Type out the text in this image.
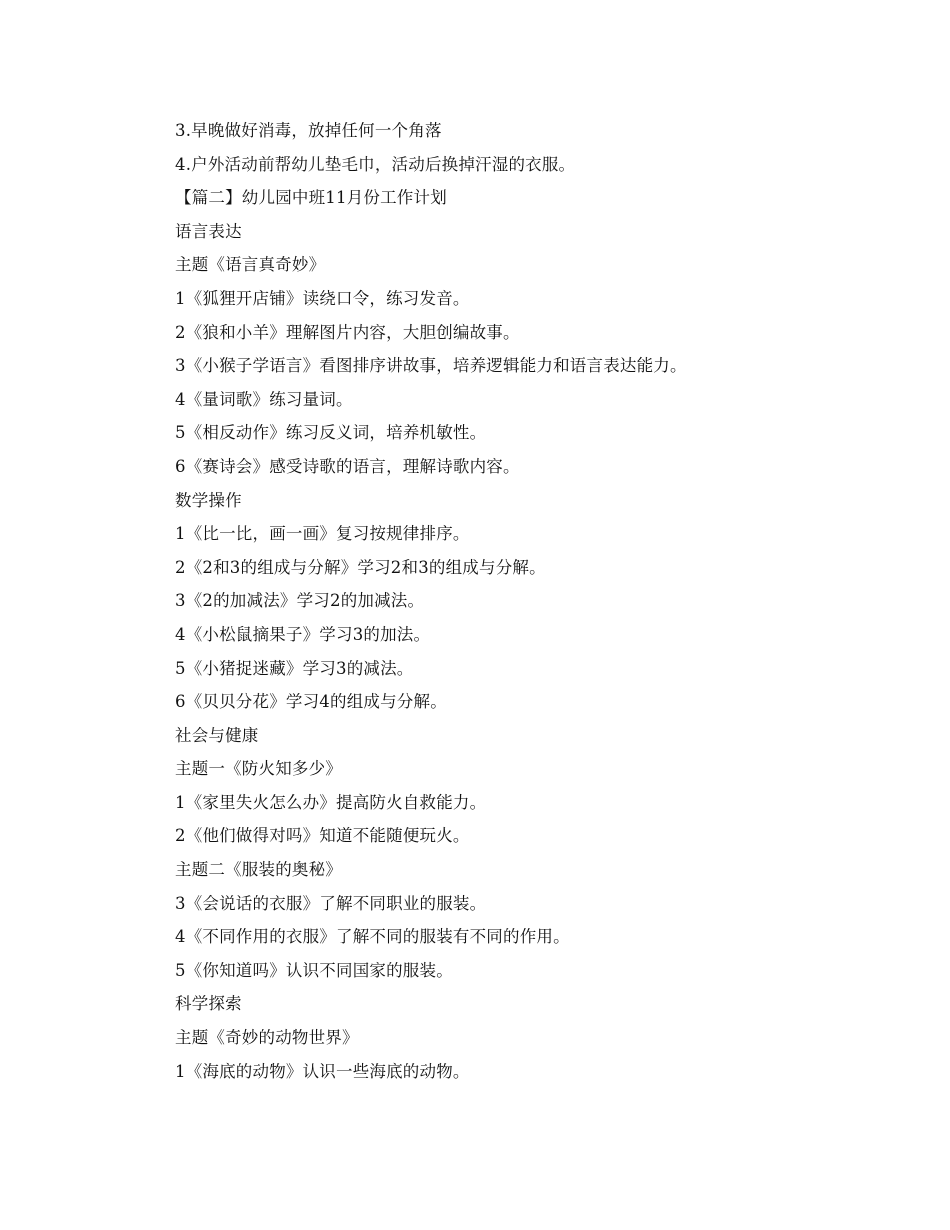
3.早晚做好消毒，放掉任何一个角落
4.户外活动前帮幼儿垫毛巾，活动后换掉汗湿的衣服。
【篇二】幼儿园中班11月份工作计划
语言表达
主题《语言真奇妙》
1《狐狸开店铺》读绕口令，练习发音。
2《狼和小羊》理解图片内容，大胆创编故事。
3《小猴子学语言》看图排序讲故事，培养逻辑能力和语言表达能力。
4《量词歌》练习量词。
5《相反动作》练习反义词，培养机敏性。
6《赛诗会》感受诗歌的语言，理解诗歌内容。
数学操作
1《比一比，画一画》复习按规律排序。
2《2和3的组成与分解》学习2和3的组成与分解。
3《2的加减法》学习2的加减法。
4《小松鼠摘果子》学习3的加法。
5《小猪捉迷藏》学习3的减法。
6《贝贝分花》学习4的组成与分解。
社会与健康
主题一《防火知多少》
1《家里失火怎么办》提高防火自救能力。
2《他们做得对吗》知道不能随便玩火。
主题二《服装的奥秘》
3《会说话的衣服》了解不同职业的服装。
4《不同作用的衣服》了解不同的服装有不同的作用。
5《你知道吗》认识不同国家的服装。
科学探索
主题《奇妙的动物世界》
1《海底的动物》认识一些海底的动物。
